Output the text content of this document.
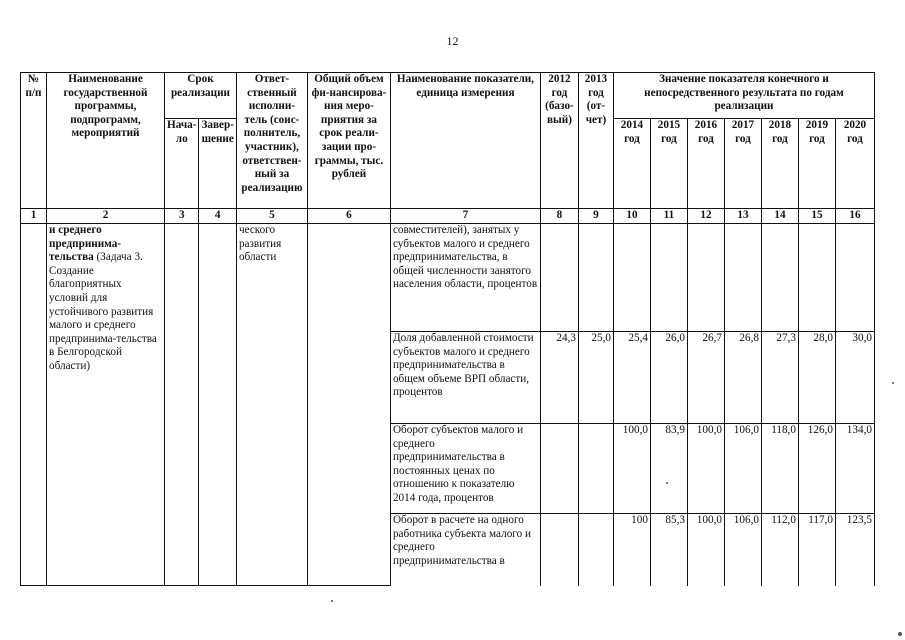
12
№ п/п	Наименование государственной программы, подпрограмм, мероприятий	Срок реализации		Ответ-ственный исполни-тель (соис-полнитель, участник), ответствен-ный за реализацию	Общий объем фи-нансирова-ния меро-приятия за срок реали-зации про-граммы, тыс. рублей	Наименование показатели, единица измерения	2012 год (базо-вый)	2013 год (от-чет)	Значение показателя конечного и непосредственного результата по годам реализации						
		Нача-ло	Завер-шение						2014 год	2015 год	2016 год	2017 год	2018 год	2019 год	2020 год
1	2	3	4	5	6	7	8	9	10	11	12	13	14	15	16
	и среднего предпринима-тельства (Задача 3. Создание благоприятных условий для устойчивого развития малого и среднего предпринима-тельства в Белгородской области)			ческого развития области		совместителей), занятых у субъектов малого и среднего предпринимательства, в общей численности занятого населения области, процентов									
						Доля добавленной стоимости субъектов малого и среднего предпринимательства в общем объеме ВРП области, процентов	24,3	25,0	25,4	26,0	26,7	26,8	27,3	28,0	30,0
						Оборот субъектов малого и среднего предпринимательства в постоянных ценах по отношению к показателю 2014 года, процентов			100,0	83,9	100,0	106,0	118,0	126,0	134,0
						Оборот в расчете на одного работника субъекта малого и среднего предпринимательства в			100	85,3	100,0	106,0	112,0	117,0	123,5
